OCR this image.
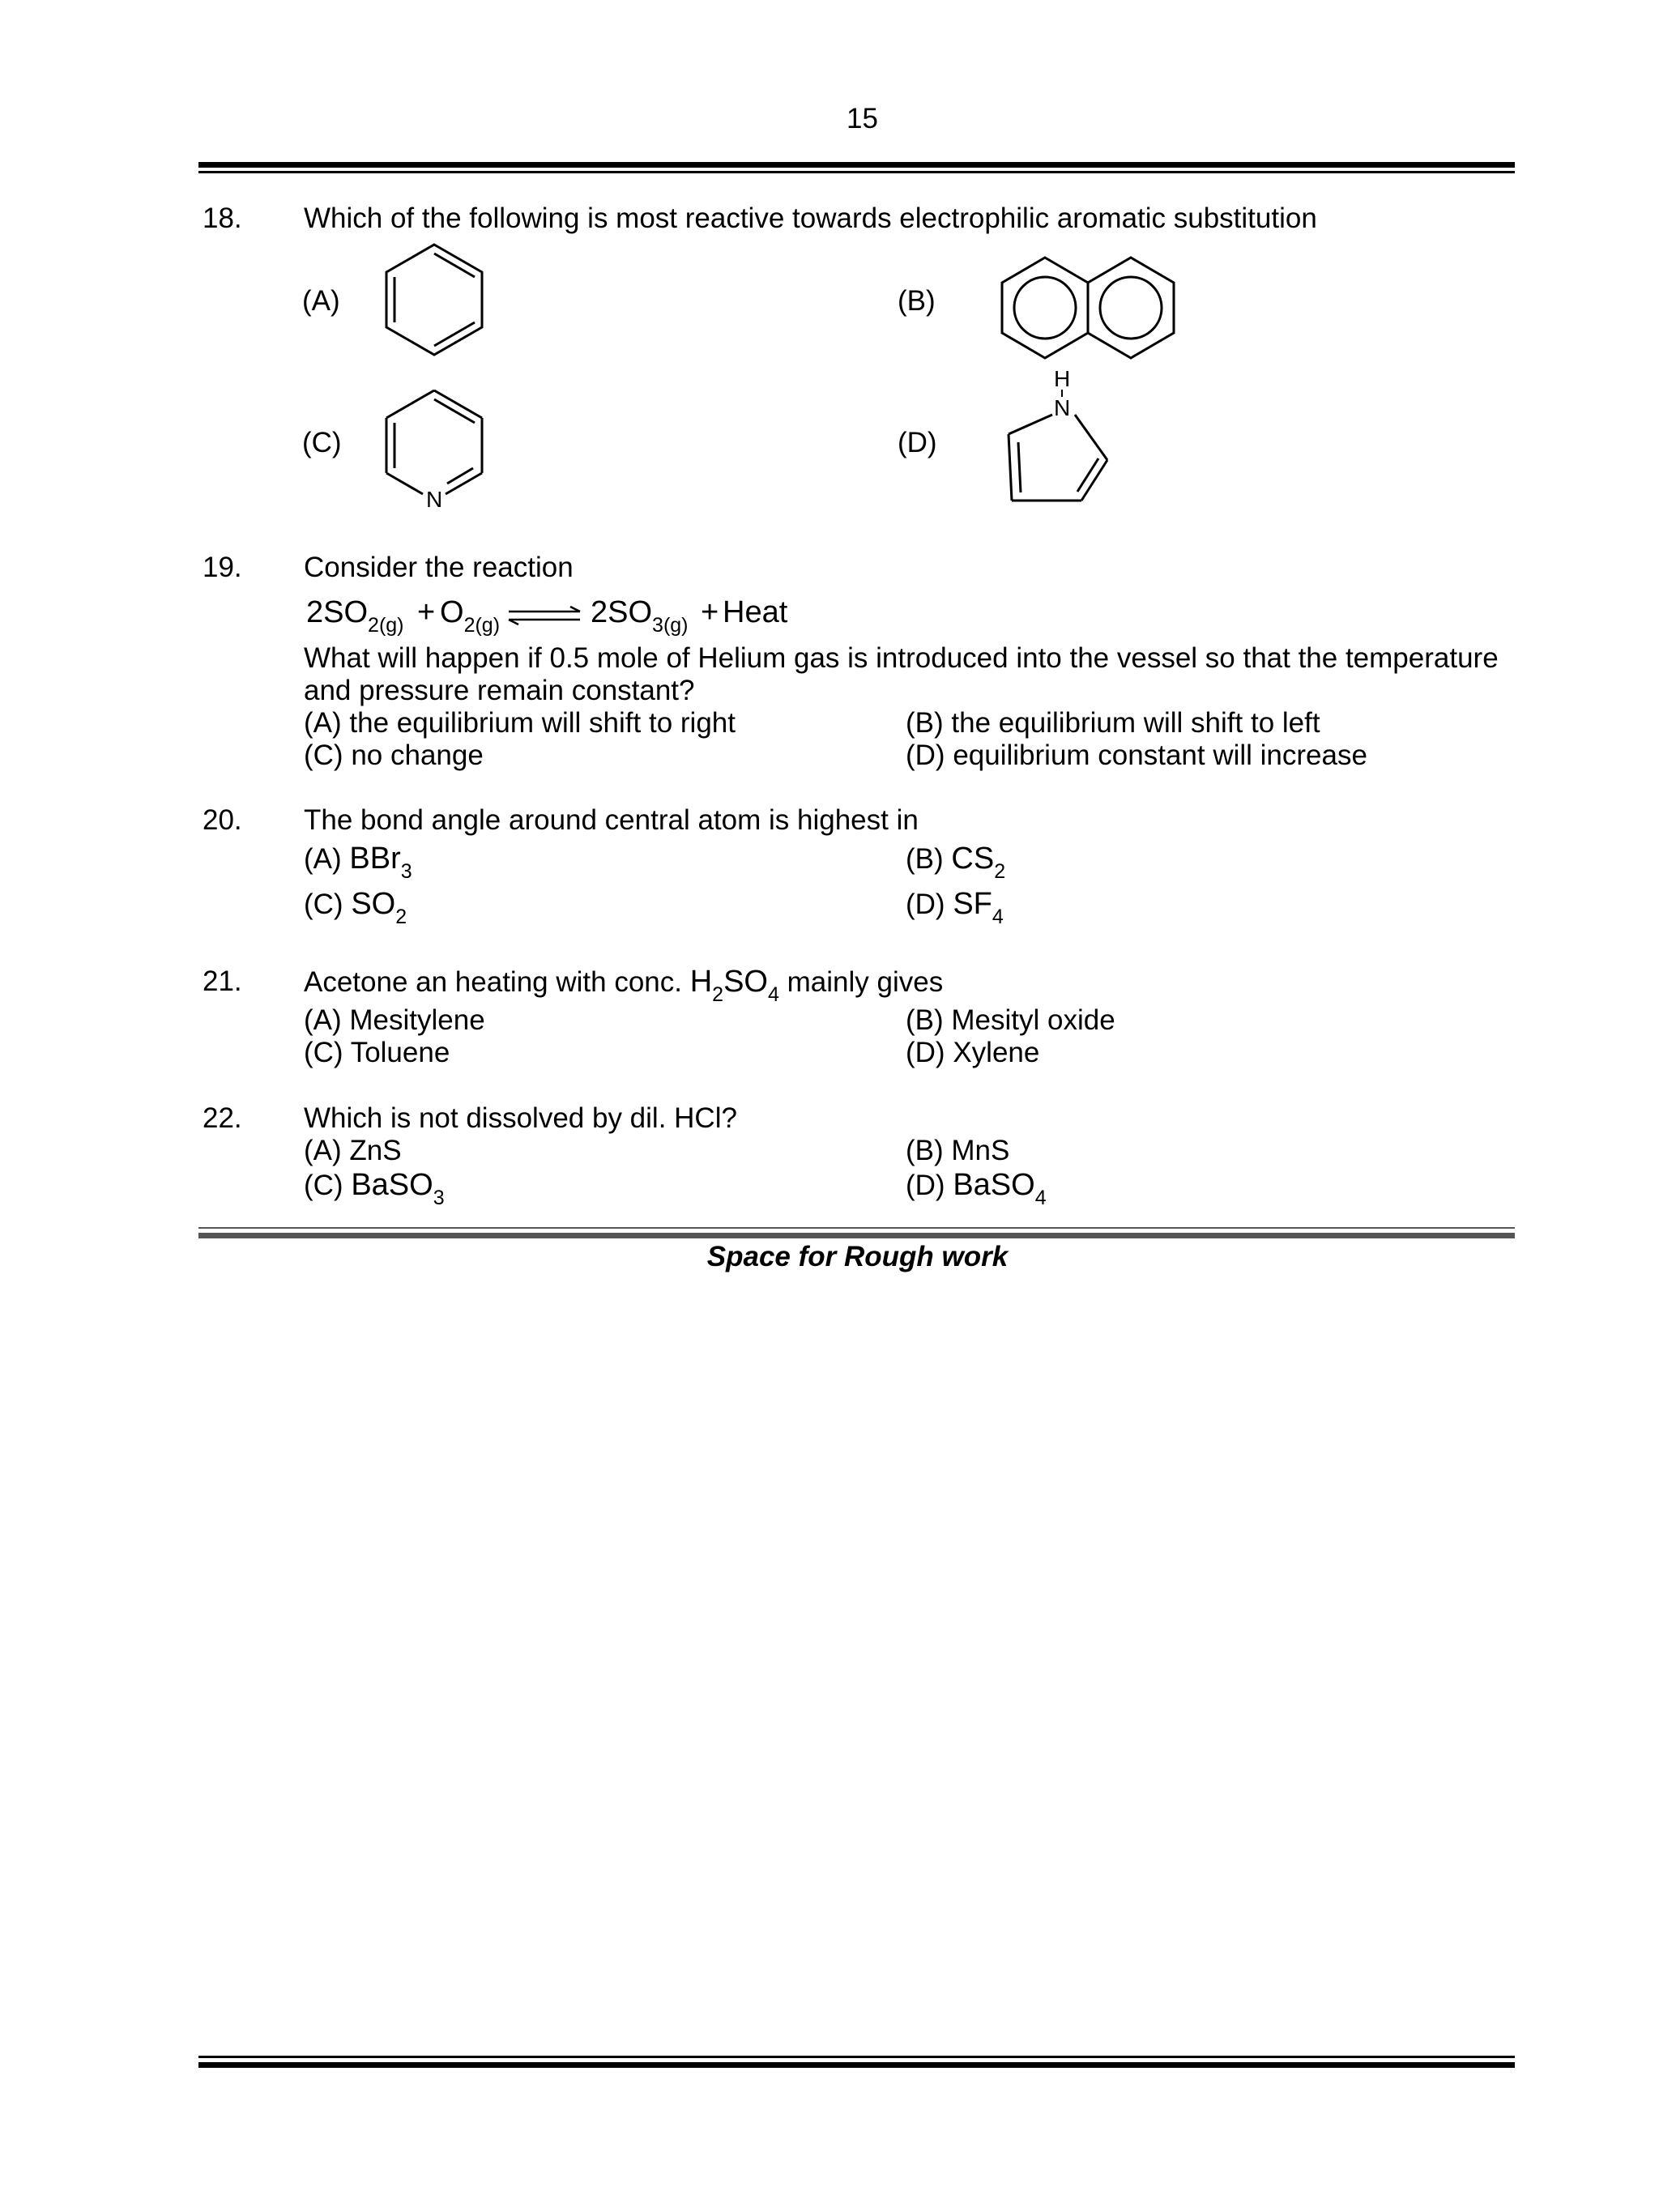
15
18. Which of the following is most reactive towards electrophilic aromatic substitution
(A)	(B)
(C)	(D)
N
H
N
19. Consider the reaction
$2SO_{2(g)} + O_{2(g)}$	$2SO_{3(g)}$ + Heat
What will happen if 0.5 mole of Helium gas is introduced into the vessel so that the temperature
and pressure remain constant?
(A) the equilibrium will shift to right	(B) the equilibrium will shift to left
(C) no change	(D) equilibrium constant will increase
20. The bond angle around central atom is highest in
(A) BBr$_3$	(B) $CS_2$
(C) $SO_2$	(D) $SF_4$
21. Acetone an heating with conc. $H_2SO_4$ mainly gives
(A) Mesitylene	(B) Mesityl oxide
(C) Toluene	(D) Xylene
22. Which is not dissolved by dil. HCl?
(A) ZnS	(B) MnS
(C) BaSO$_3$	(D) BaSO$_4$
Space for Rough work
